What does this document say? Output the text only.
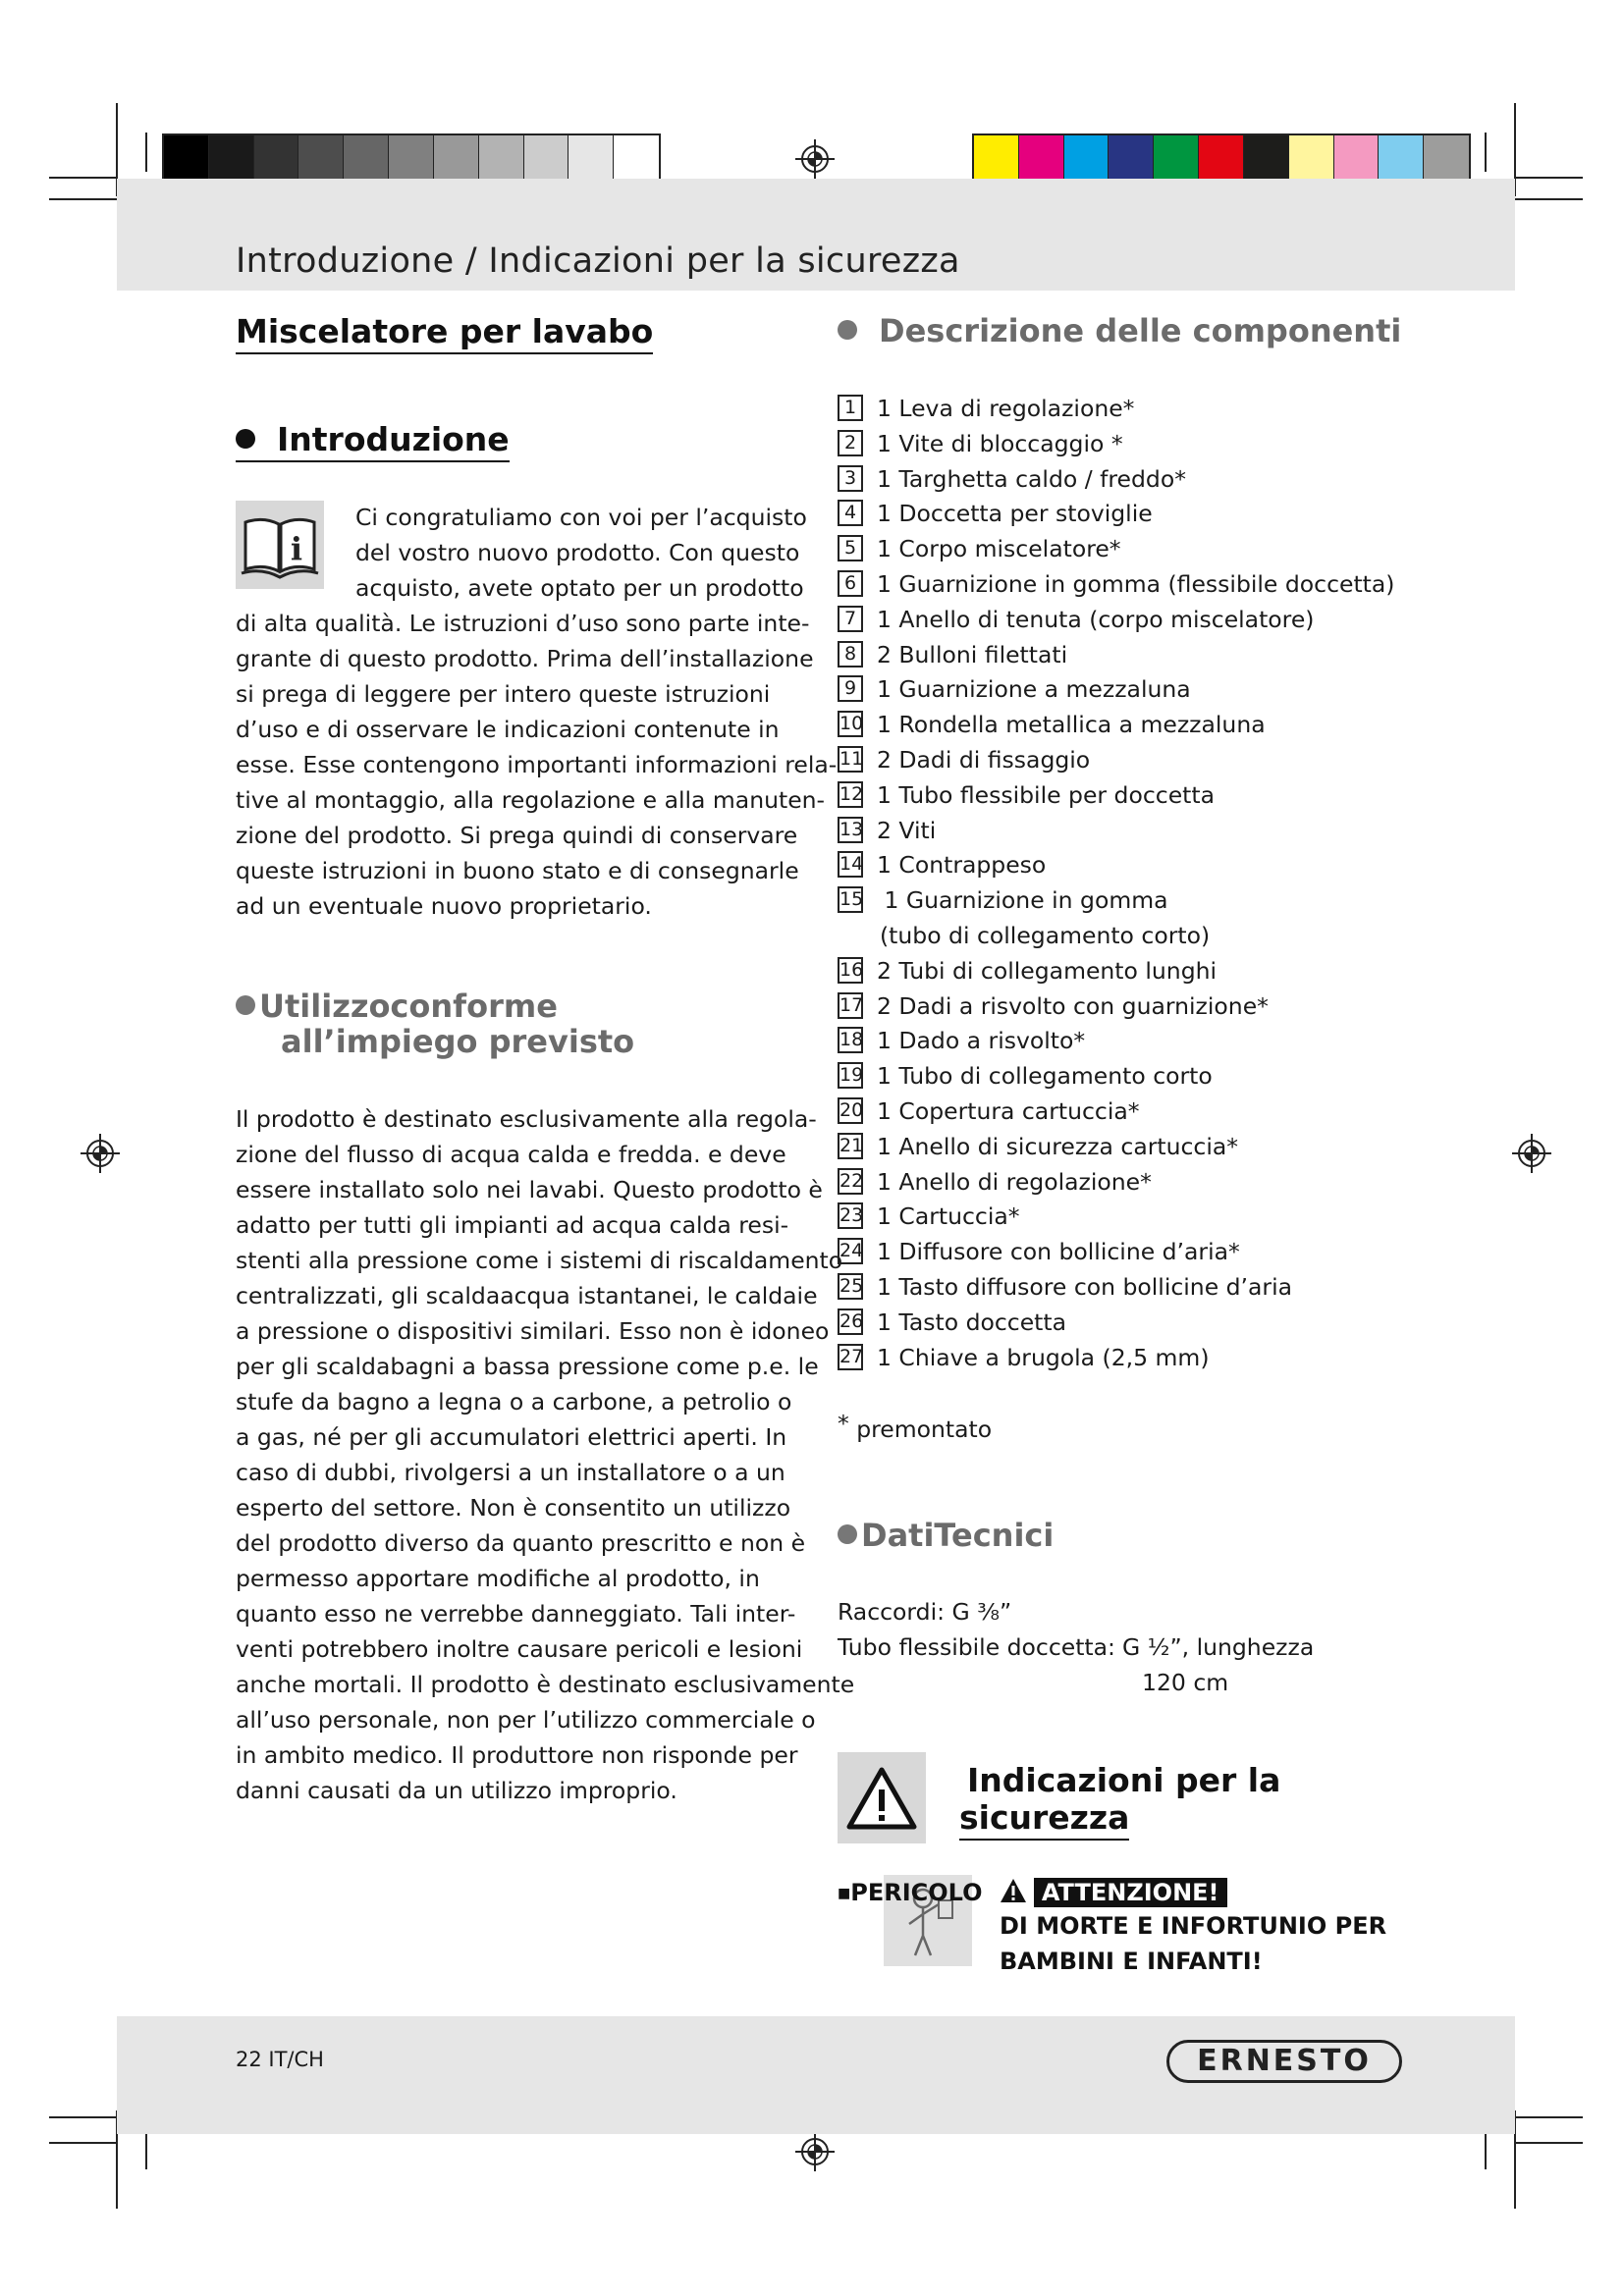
Introduzione / Indicazioni per la sicurezza
Miscelatore per lavabo
Introduzione
i
Ci congratuliamo con voi per l’acquisto
del vostro nuovo prodotto. Con questo
acquisto, avete optato per un prodotto
di alta qualità. Le istruzioni d’uso sono parte inte-
grante di questo prodotto. Prima dell’installazione
si prega di leggere per intero queste istruzioni
d’uso e di osservare le indicazioni contenute in
esse. Esse contengono importanti informazioni rela-
tive al montaggio, alla regolazione e alla manuten-
zione del prodotto. Si prega quindi di conservare
queste istruzioni in buono stato e di consegnarle
ad un eventuale nuovo proprietario.
Utilizzoconforme
all’impiego previsto
Il prodotto è destinato esclusivamente alla regola-
zione del flusso di acqua calda e fredda. e deve
essere installato solo nei lavabi. Questo prodotto è
adatto per tutti gli impianti ad acqua calda resi-
stenti alla pressione come i sistemi di riscaldamento
centralizzati, gli scaldaacqua istantanei, le caldaie
a pressione o dispositivi similari. Esso non è idoneo
per gli scaldabagni a bassa pressione come p.e. le
stufe da bagno a legna o a carbone, a petrolio o
a gas, né per gli accumulatori elettrici aperti. In
caso di dubbi, rivolgersi a un installatore o a un
esperto del settore. Non è consentito un utilizzo
del prodotto diverso da quanto prescritto e non è
permesso apportare modifiche al prodotto, in
quanto esso ne verrebbe danneggiato. Tali inter-
venti potrebbero inoltre causare pericoli e lesioni
anche mortali. Il prodotto è destinato esclusivamente
all’uso personale, non per l’utilizzo commerciale o
in ambito medico. Il produttore non risponde per
danni causati da un utilizzo improprio.
Descrizione delle componenti
1 1 Leva di regolazione*
2 1 Vite di bloccaggio *
3 1 Targhetta caldo / freddo*
4 1 Doccetta per stoviglie
5 1 Corpo miscelatore*
6 1 Guarnizione in gomma (flessibile doccetta)
7 1 Anello di tenuta (corpo miscelatore)
8 2 Bulloni filettati
9 1 Guarnizione a mezzaluna
10 1 Rondella metallica a mezzaluna
11 2 Dadi di fissaggio
12 1 Tubo flessibile per doccetta
13 2 Viti
14 1 Contrappeso
15 1 Guarnizione in gomma
(tubo di collegamento corto)
16 2 Tubi di collegamento lunghi
17 2 Dadi a risvolto con guarnizione*
18 1 Dado a risvolto*
19 1 Tubo di collegamento corto
20 1 Copertura cartuccia*
21 1 Anello di sicurezza cartuccia*
22 1 Anello di regolazione*
23 1 Cartuccia*
24 1 Diffusore con bollicine d’aria*
25 1 Tasto diffusore con bollicine d’aria
26 1 Tasto doccetta
27 1 Chiave a brugola (2,5 mm)
* premontato
DatiTecnici
Raccordi: G ³⁄₈”
Tubo flessibile doccetta: G ½”, lunghezza
120 cm
Indicazioni per la
sicurezza
■PERICOLO	ATTENZIONE!
DI MORTE E INFORTUNIO PER
BAMBINI E INFANTI!
22 IT/CH	ERNESTO
